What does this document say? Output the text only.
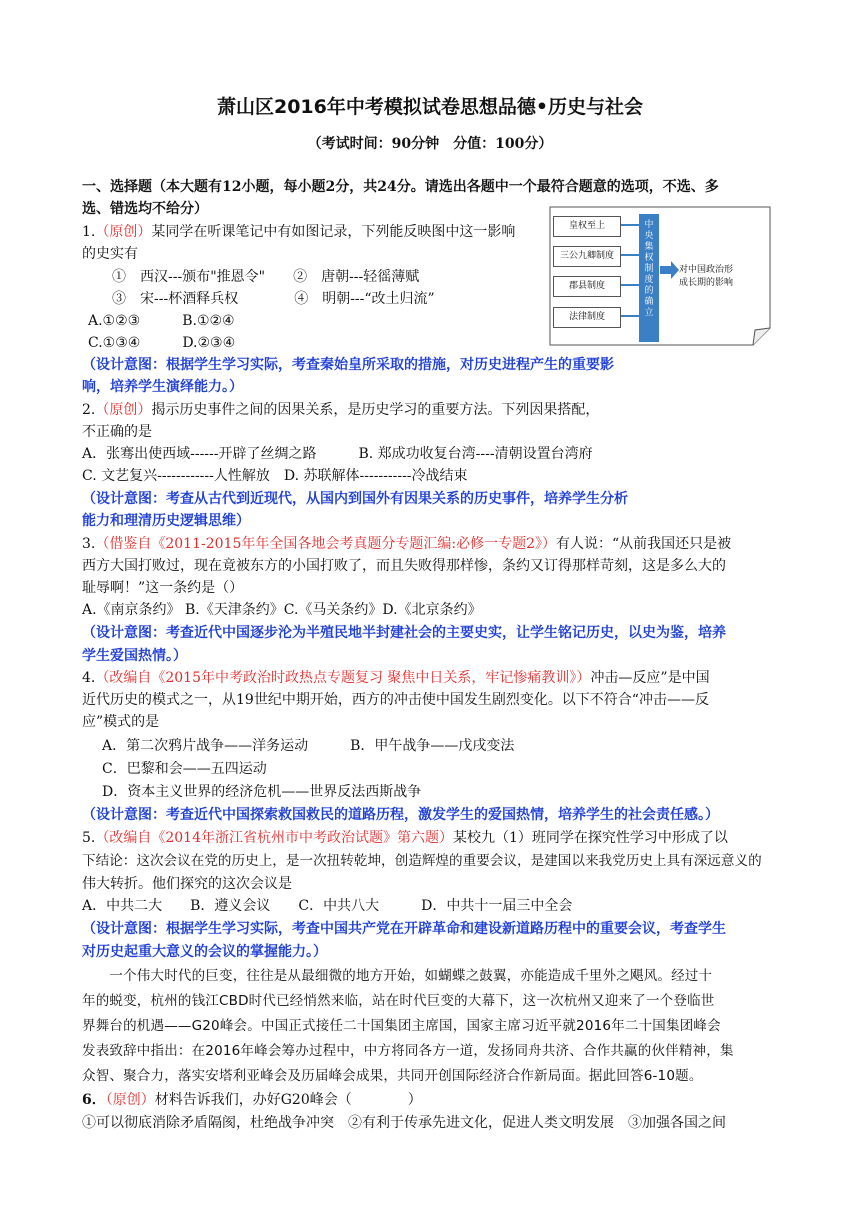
萧山区2016年中考模拟试卷思想品德•历史与社会
（考试时间：90分钟　分值：100分）
一、选择题（本大题有12小题，每小题2分，共24分。请选出各题中一个最符合题意的选项，不选、多
选、错选均不给分）
1.（原创）某同学在听课笔记中有如图记录，下列能反映图中这一影响
的史实有
①　西汉---颁布"推恩令"　　②　唐朝---轻徭薄赋
③　宋---杯酒释兵权　　　　④　明朝---“改土归流”
A.①②③　　　B.①②④
C.①③④　　　D.②③④
（设计意图：根据学生学习实际，考查秦始皇所采取的措施，对历史进程产生的重要影
响，培养学生演绎能力。）
皇权至上
三公九卿制度
郡县制度
法律制度
中央集权制度的确立
对中国政治形
成长期的影响
2.（原创）揭示历史事件之间的因果关系，是历史学习的重要方法。下列因果搭配，
不正确的是
A．张骞出使西域------开辟了丝绸之路　　　B. 郑成功收复台湾----清朝设置台湾府
C. 文艺复兴------------人性解放　D. 苏联解体-----------冷战结束
（设计意图：考查从古代到近现代，从国内到国外有因果关系的历史事件，培养学生分析
能力和理清历史逻辑思维）
3.（借鉴自《2011-2015年年全国各地会考真题分专题汇编:必修一专题2》）有人说：“从前我国还只是被
西方大国打败过，现在竟被东方的小国打败了，而且失败得那样惨，条约又订得那样苛刻，这是多么大的
耻辱啊！”这一条约是（）
A.《南京条约》 B.《天津条约》C.《马关条约》D.《北京条约》
（设计意图：考查近代中国逐步沦为半殖民地半封建社会的主要史实，让学生铭记历史，以史为鉴，培养
学生爱国热情。）
4.（改编自《2015年中考政治时政热点专题复习 聚焦中日关系，牢记惨痛教训》）冲击—反应”是中国
近代历史的模式之一，从19世纪中期开始，西方的冲击使中国发生剧烈变化。以下不符合“冲击——反
应”模式的是
　A．第二次鸦片战争——洋务运动　　　B．甲午战争——戊戌变法
　C．巴黎和会——五四运动
　D．资本主义世界的经济危机——世界反法西斯战争
（设计意图：考查近代中国探索救国救民的道路历程，激发学生的爱国热情，培养学生的社会责任感。）
5.（改编自《2014年浙江省杭州市中考政治试题》第六题）某校九（1）班同学在探究性学习中形成了以
下结论：这次会议在党的历史上，是一次扭转乾坤，创造辉煌的重要会议，是建国以来我党历史上具有深远意义的
伟大转折。他们探究的这次会议是
A．中共二大　　B．遵义会议　　C．中共八大　　　D．中共十一届三中全会
（设计意图：根据学生学习实际，考查中国共产党在开辟革命和建设新道路历程中的重要会议，考查学生
对历史起重大意义的会议的掌握能力。）
　　一个伟大时代的巨变，往往是从最细微的地方开始，如蝴蝶之鼓翼，亦能造成千里外之飓风。经过十
年的蜕变，杭州的钱江CBD时代已经悄然来临，站在时代巨变的大幕下，这一次杭州又迎来了一个登临世
界舞台的机遇——G20峰会。中国正式接任二十国集团主席国，国家主席习近平就2016年二十国集团峰会
发表致辞中指出：在2016年峰会筹办过程中，中方将同各方一道，发扬同舟共济、合作共赢的伙伴精神，集
众智、聚合力，落实安塔利亚峰会及历届峰会成果，共同开创国际经济合作新局面。据此回答6-10题。
6．（原创）材料告诉我们，办好G20峰会（　　　　）
①可以彻底消除矛盾隔阂，杜绝战争冲突　②有利于传承先进文化，促进人类文明发展　③加强各国之间
